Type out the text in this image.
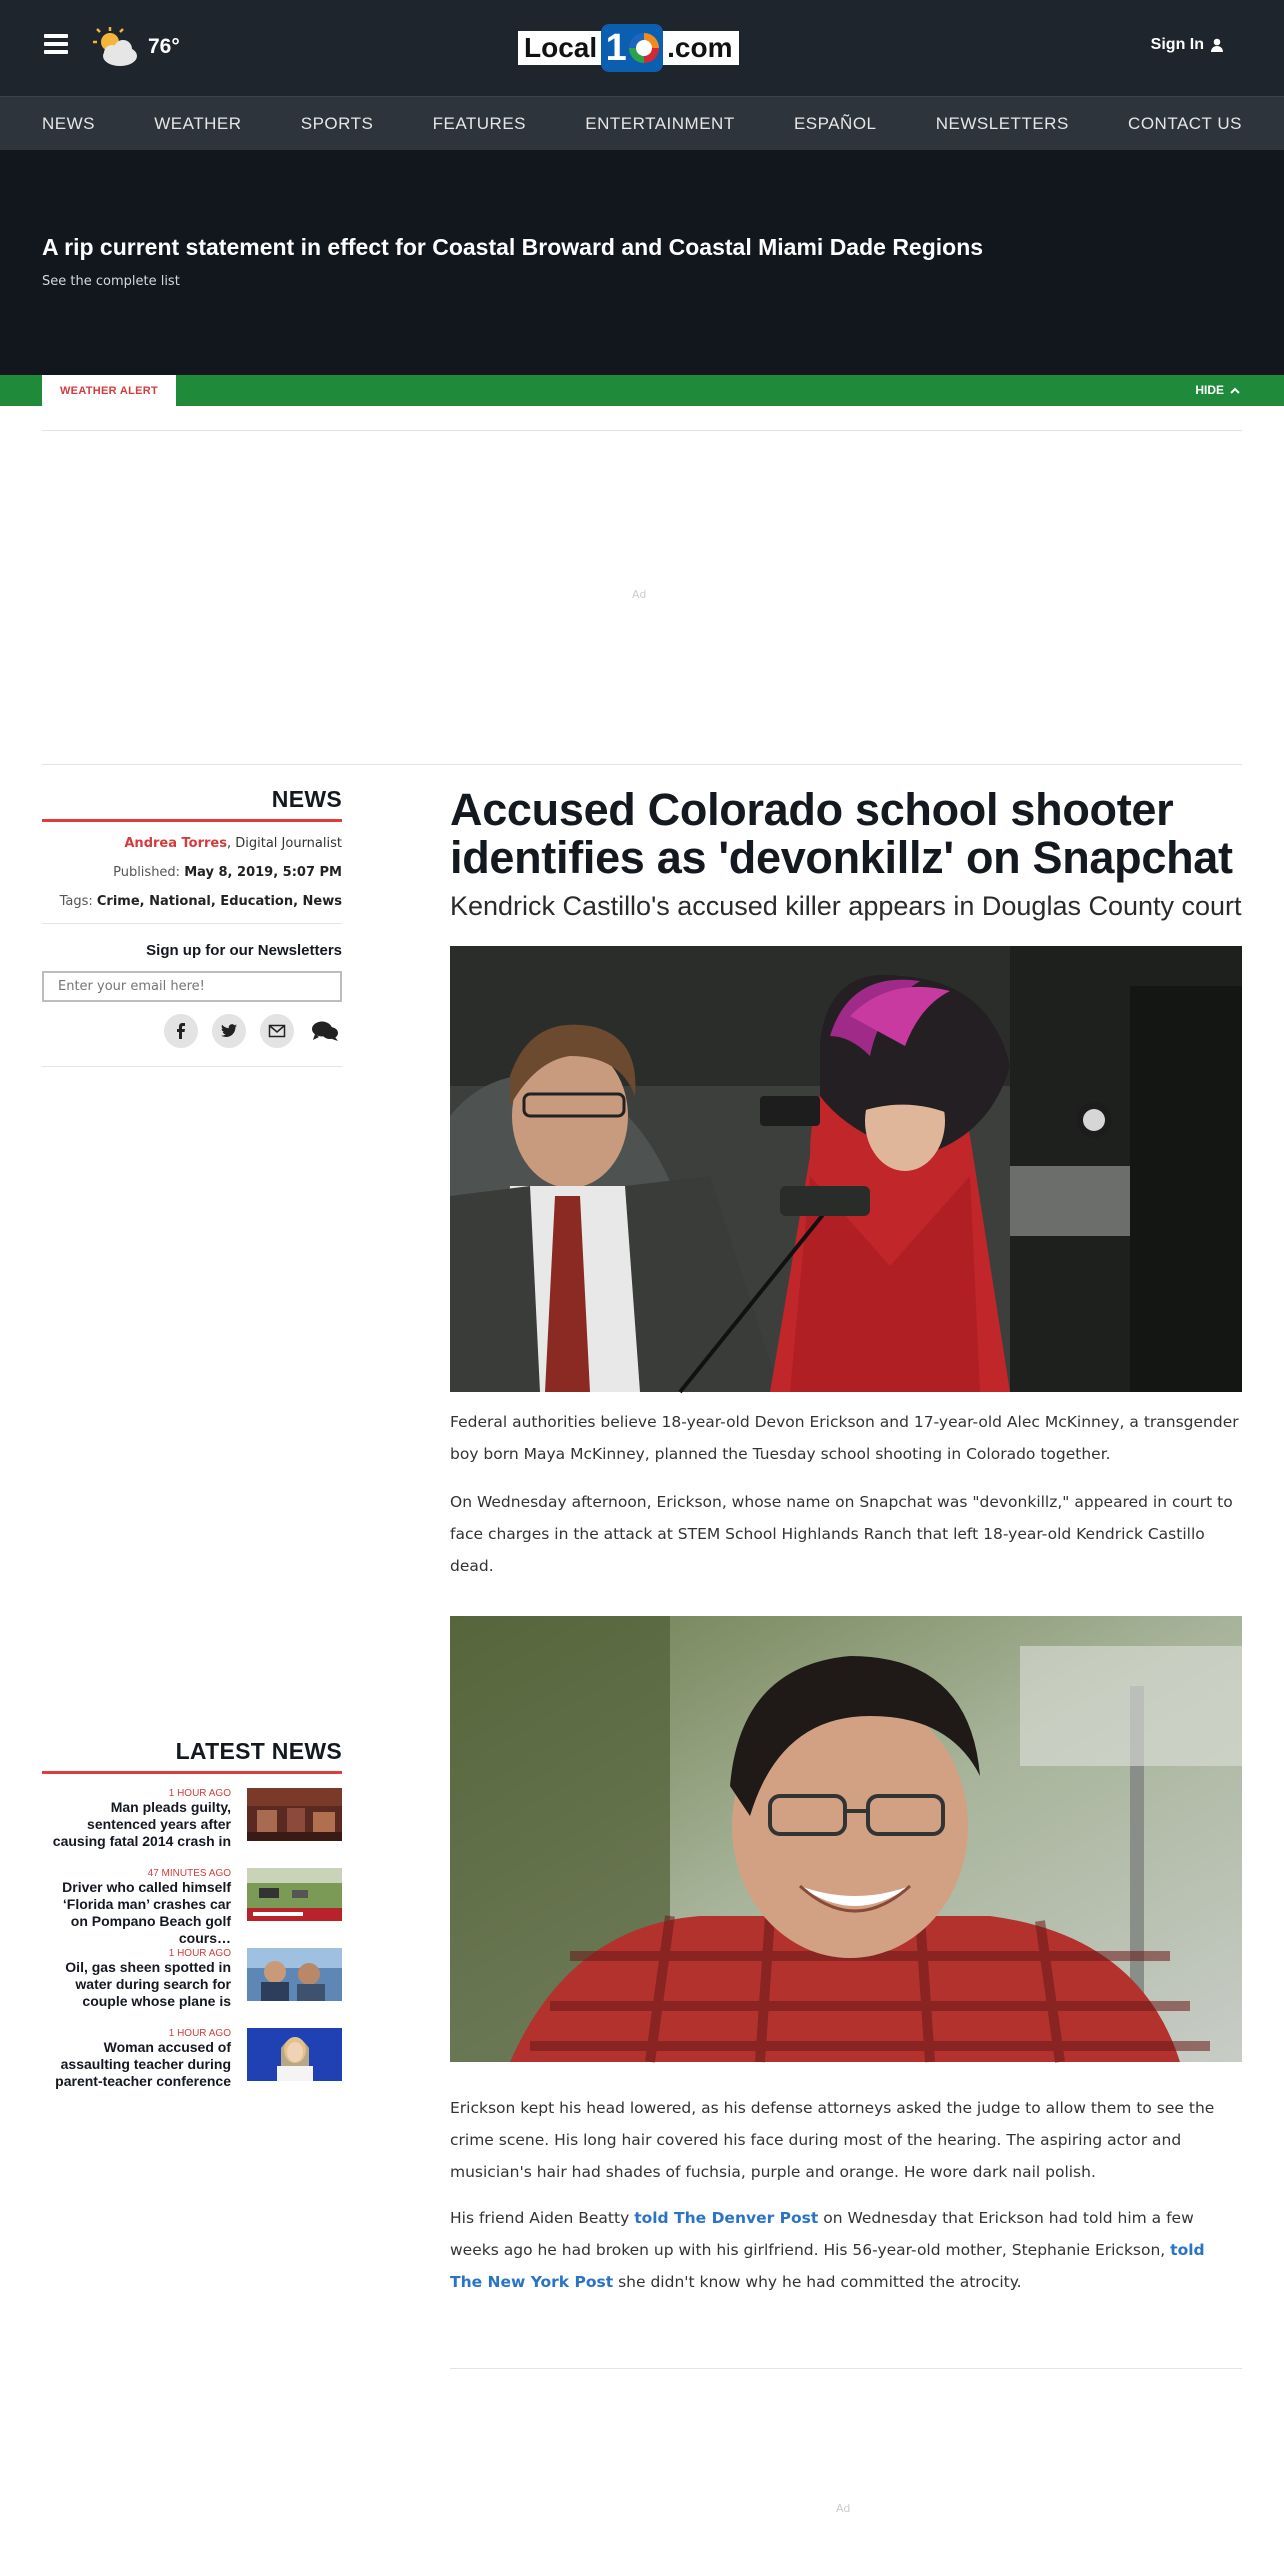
76°	Local 1 .com	Sign In
NEWS	WEATHER	SPORTS	FEATURES	ENTERTAINMENT	ESPAÑOL	NEWSLETTERS	CONTACT US
A rip current statement in effect for Coastal Broward and Coastal Miami Dade Regions
See the complete list
WEATHER ALERT	HIDE
Ad
NEWS
Andrea Torres, Digital Journalist
Published: May 8, 2019, 5:07 PM
Tags: Crime, National, Education, News
Sign up for our Newsletters
Enter your email here!
LATEST NEWS
1 HOUR AGO
Man pleads guilty, sentenced years after causing fatal 2014 crash in
47 MINUTES AGO
Driver who called himself ‘Florida man’ crashes car on Pompano Beach golf cours…
1 HOUR AGO
Oil, gas sheen spotted in water during search for couple whose plane is
1 HOUR AGO
Woman accused of assaulting teacher during parent-teacher conference
Accused Colorado school shooter identifies as 'devonkillz' on Snapchat
Kendrick Castillo's accused killer appears in Douglas County court

Federal authorities believe 18-year-old Devon Erickson and 17-year-old Alec McKinney, a transgender boy born Maya McKinney, planned the Tuesday school shooting in Colorado together.

On Wednesday afternoon, Erickson, whose name on Snapchat was "devonkillz," appeared in court to face charges in the attack at STEM School Highlands Ranch that left 18-year-old Kendrick Castillo dead.

Erickson kept his head lowered, as his defense attorneys asked the judge to allow them to see the crime scene. His long hair covered his face during most of the hearing. The aspiring actor and musician's hair had shades of fuchsia, purple and orange. He wore dark nail polish.

His friend Aiden Beatty told The Denver Post on Wednesday that Erickson had told him a few weeks ago he had broken up with his girlfriend. His 56-year-old mother, Stephanie Erickson, told The New York Post she didn't know why he had committed the atrocity.

Ad
